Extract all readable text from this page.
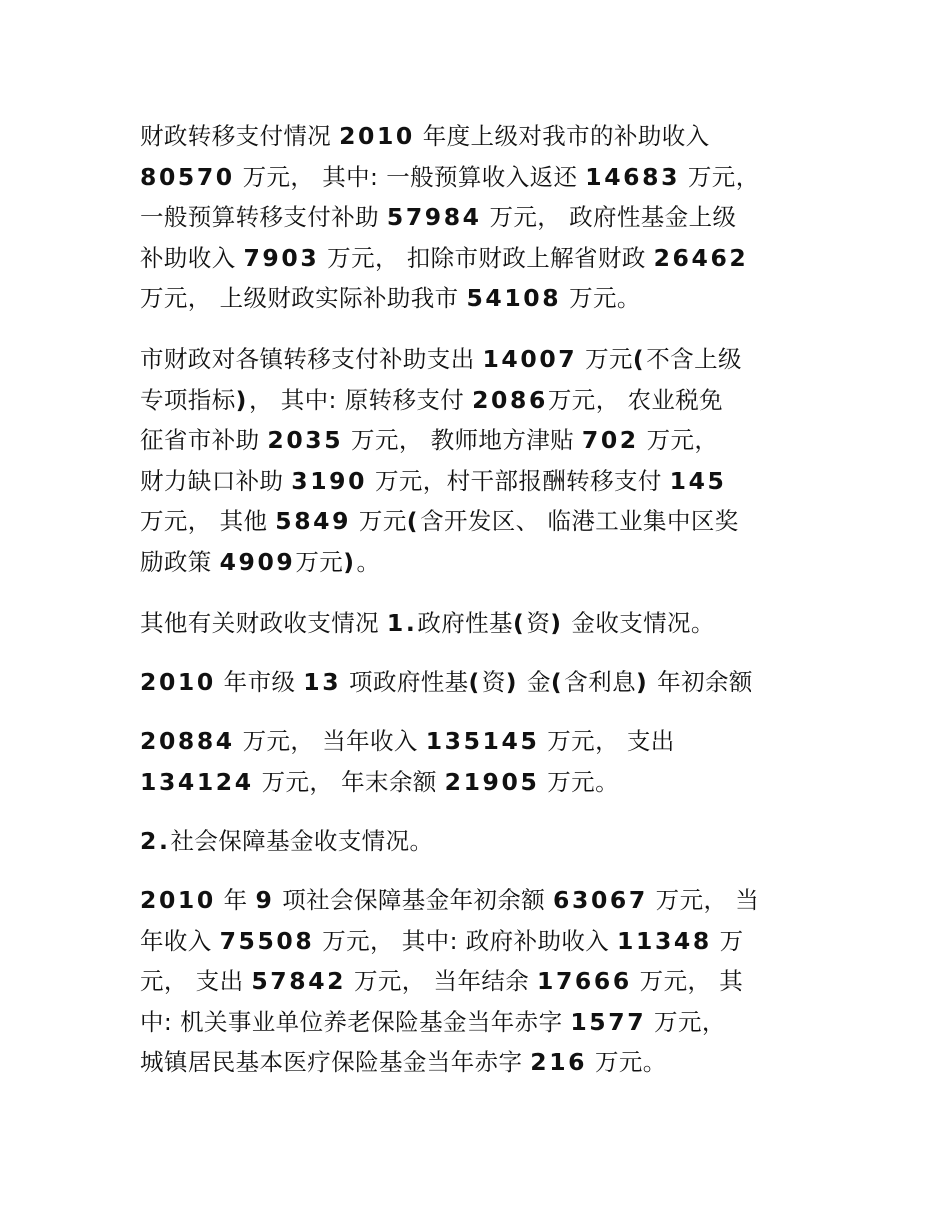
财政转移支付情况 2010 年度上级对我市的补助收入
80570 万元， 其中: 一般预算收入返还 14683 万元，
一般预算转移支付补助 57984 万元， 政府性基金上级
补助收入 7903 万元， 扣除市财政上解省财政 26462
万元， 上级财政实际补助我市 54108 万元。

市财政对各镇转移支付补助支出 14007 万元(不含上级
专项指标)， 其中: 原转移支付 2086万元， 农业税免
征省市补助 2035 万元， 教师地方津贴 702 万元，
财力缺口补助 3190 万元，村干部报酬转移支付 145
万元， 其他 5849 万元(含开发区、 临港工业集中区奖
励政策 4909万元)。

其他有关财政收支情况 1.政府性基(资) 金收支情况。

2010 年市级 13 项政府性基(资) 金(含利息) 年初余额

20884 万元， 当年收入 135145 万元， 支出
134124 万元， 年末余额 21905 万元。

2.社会保障基金收支情况。

2010 年 9 项社会保障基金年初余额 63067 万元， 当
年收入 75508 万元， 其中: 政府补助收入 11348 万
元， 支出 57842 万元， 当年结余 17666 万元， 其
中: 机关事业单位养老保险基金当年赤字 1577 万元，
城镇居民基本医疗保险基金当年赤字 216 万元。
